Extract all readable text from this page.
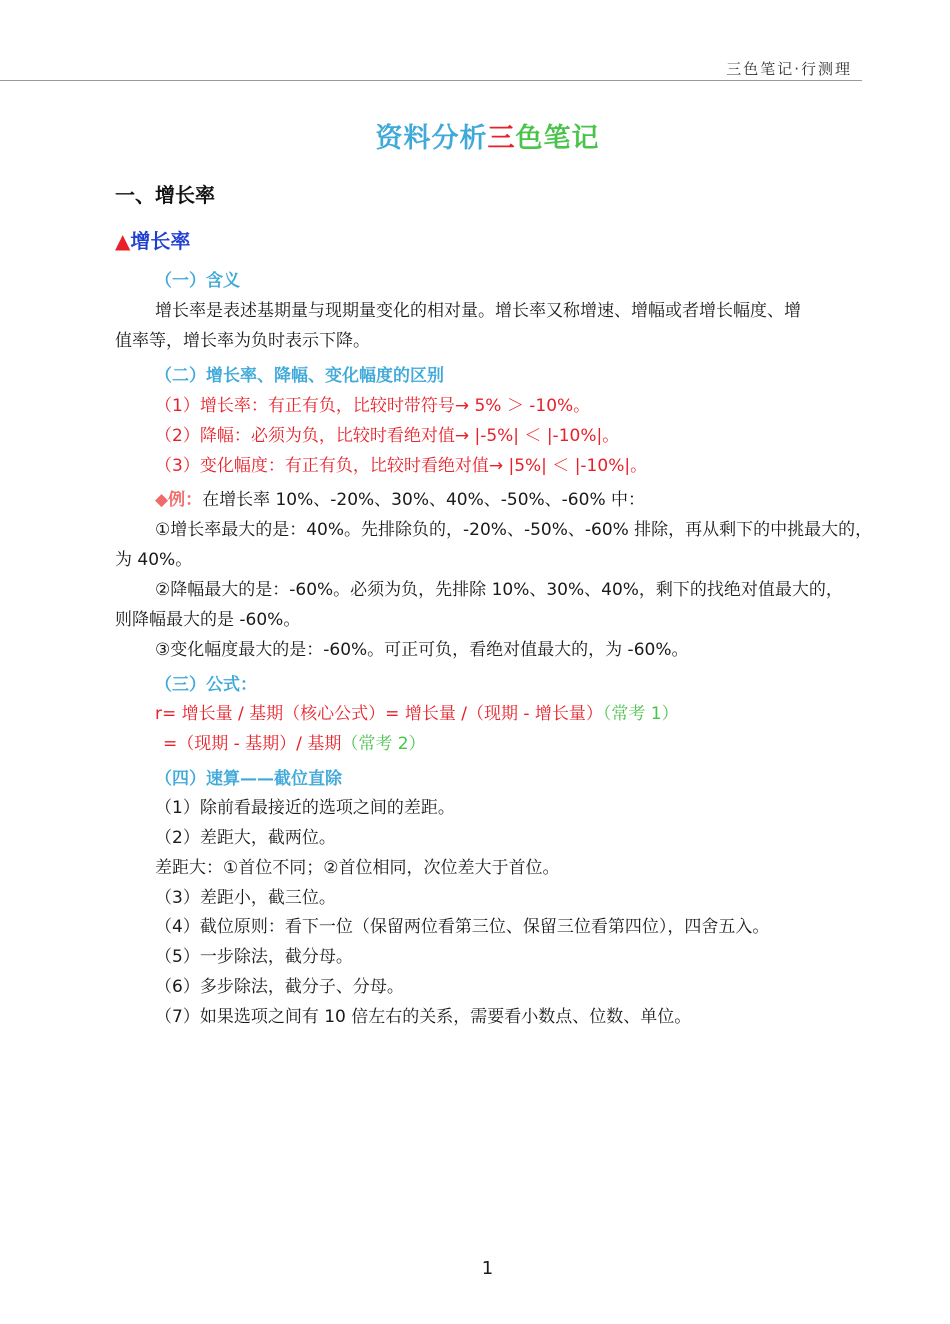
三色笔记·行测理
资料分析三色笔记
一、增长率
▲增长率
（一）含义
增长率是表述基期量与现期量变化的相对量。增长率又称增速、增幅或者增长幅度、增
值率等，增长率为负时表示下降。
（二）增长率、降幅、变化幅度的区别
（1）增长率：有正有负，比较时带符号→ 5% ＞ -10%。
（2）降幅：必须为负，比较时看绝对值→ |-5%| ＜ |-10%|。
（3）变化幅度：有正有负，比较时看绝对值→ |5%| ＜ |-10%|。
◆例：在增长率 10%、-20%、30%、40%、-50%、-60% 中：
①增长率最大的是：40%。先排除负的，-20%、-50%、-60% 排除，再从剩下的中挑最大的，
为 40%。
②降幅最大的是：-60%。必须为负，先排除 10%、30%、40%，剩下的找绝对值最大的，
则降幅最大的是 -60%。
③变化幅度最大的是：-60%。可正可负，看绝对值最大的，为 -60%。
（三）公式：
r= 增长量 / 基期（核心公式）= 增长量 /（现期 - 增长量）（常考 1）
=（现期 - 基期）/ 基期（常考 2）
（四）速算——截位直除
（1）除前看最接近的选项之间的差距。
（2）差距大，截两位。
差距大：①首位不同；②首位相同，次位差大于首位。
（3）差距小，截三位。
（4）截位原则：看下一位（保留两位看第三位、保留三位看第四位），四舍五入。
（5）一步除法，截分母。
（6）多步除法，截分子、分母。
（7）如果选项之间有 10 倍左右的关系，需要看小数点、位数、单位。
1
